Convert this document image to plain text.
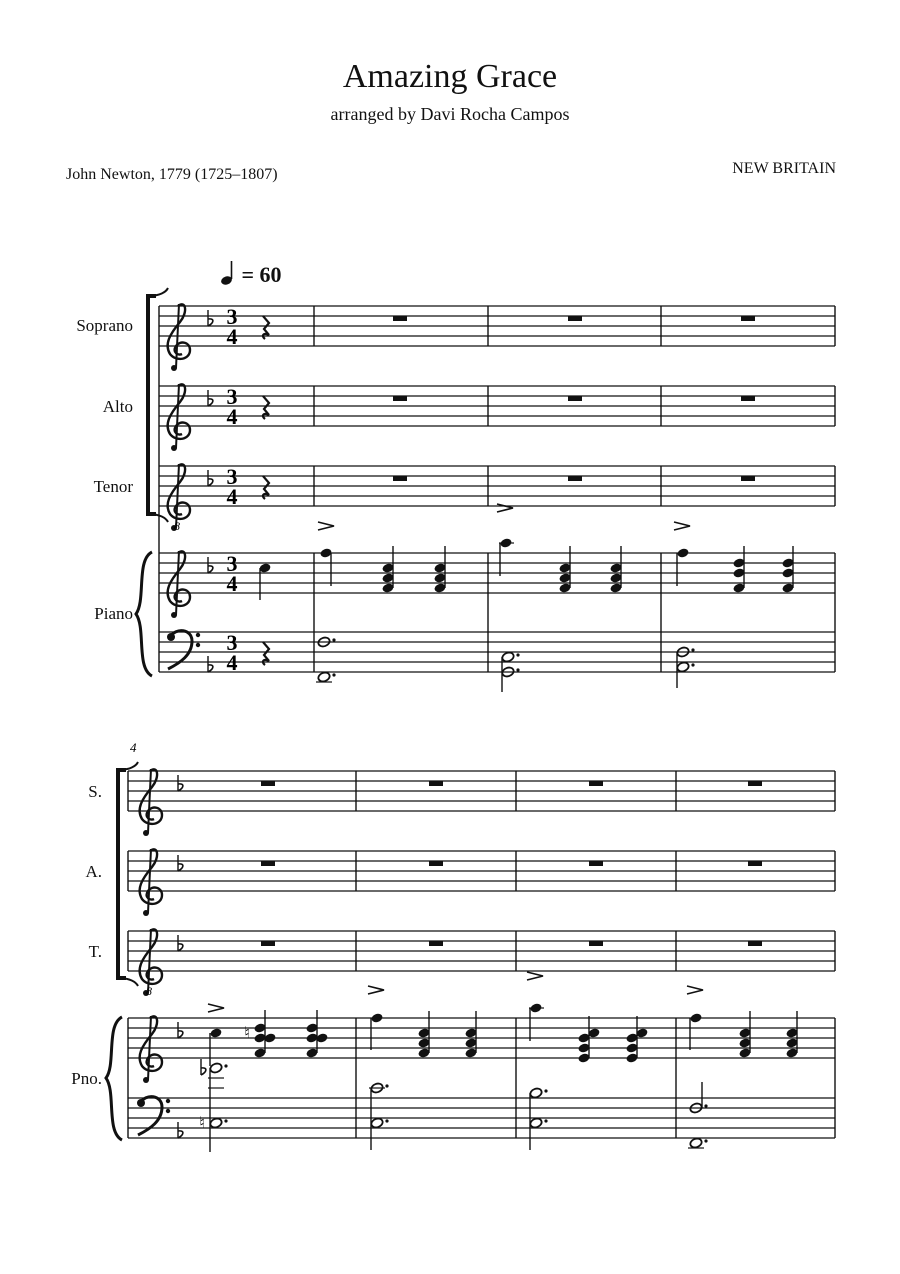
Amazing Grace
arranged by Davi Rocha Campos
John Newton, 1779 (1725–1807)	NEW BRITAIN
= 60
3
4
3
4
8
3
4
3
4
3
4
4
8
♮
♮
Soprano
Alto
Tenor
Piano
S.
A.
T.
Pno.
